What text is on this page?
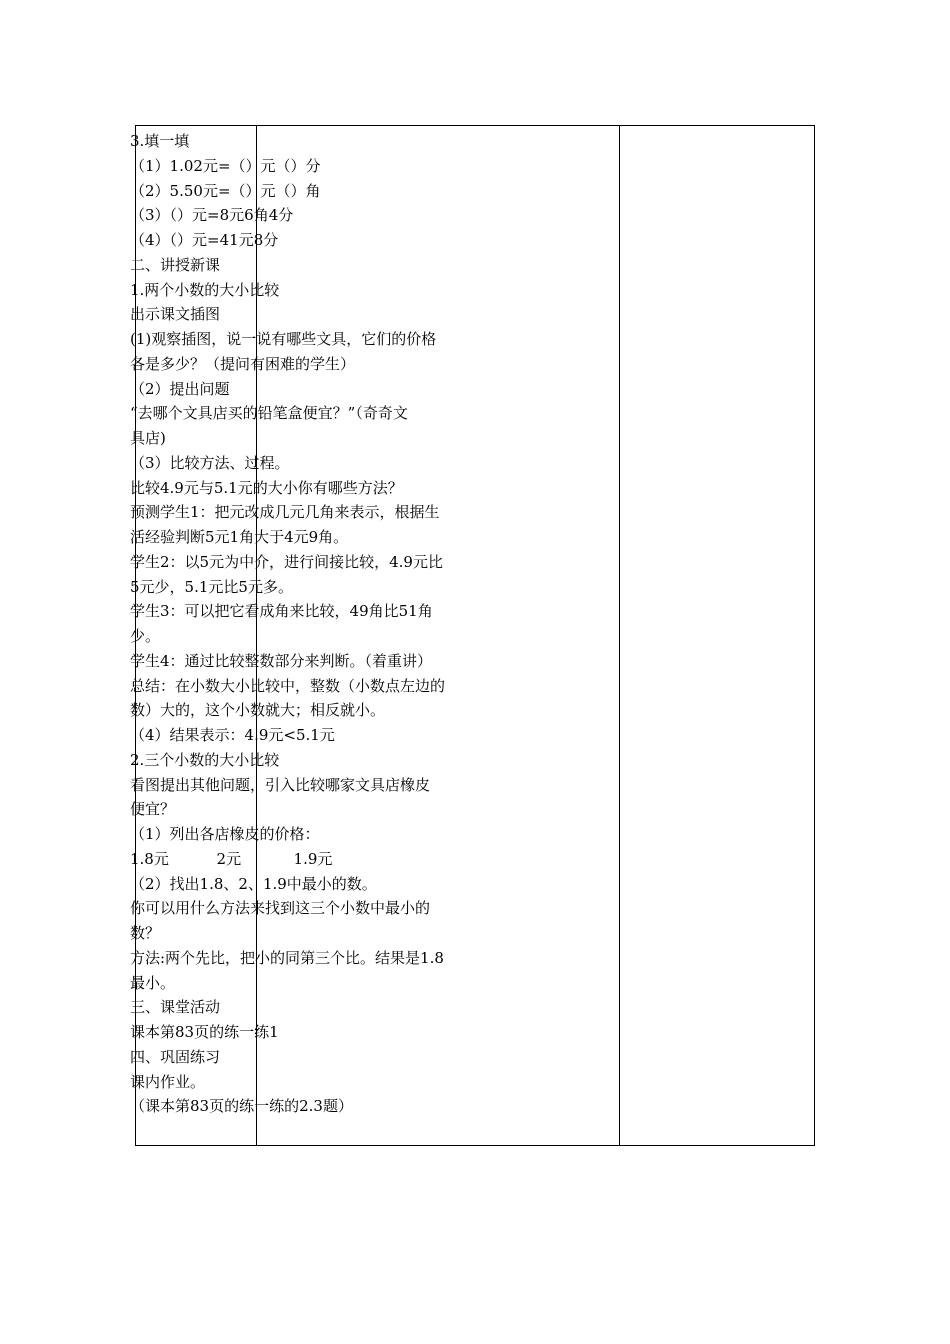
3.填一填
（1）1.02元=（）元（）分
（2）5.50元=（）元（）角
（3）（）元=8元6角4分
（4）（）元=41元8分
二、讲授新课
1.两个小数的大小比较
出示课文插图
(1)观察插图，说一说有哪些文具，它们的价格
各是多少？（提问有困难的学生）
（2）提出问题
“去哪个文具店买的铅笔盒便宜？”（奇奇文
具店)
（3）比较方法、过程。
比较4.9元与5.1元的大小你有哪些方法？
预测学生1：把元改成几元几角来表示，根据生
活经验判断5元1角大于4元9角。
学生2：以5元为中介，进行间接比较，4.9元比
5元少，5.1元比5元多。
学生3：可以把它看成角来比较，49角比51角
少。
学生4：通过比较整数部分来判断。（着重讲）
总结：在小数大小比较中，整数（小数点左边的
数）大的，这个小数就大；相反就小。
（4）结果表示：4.9元<5.1元
2.三个小数的大小比较
看图提出其他问题，引入比较哪家文具店橡皮
便宜？
（1）列出各店橡皮的价格：
1.8元          2元           1.9元
（2）找出1.8、2、1.9中最小的数。
你可以用什么方法来找到这三个小数中最小的
数？
方法:两个先比，把小的同第三个比。结果是1.8
最小。
三、课堂活动
课本第83页的练一练1
四、巩固练习
课内作业。
（课本第83页的练一练的2.3题）
